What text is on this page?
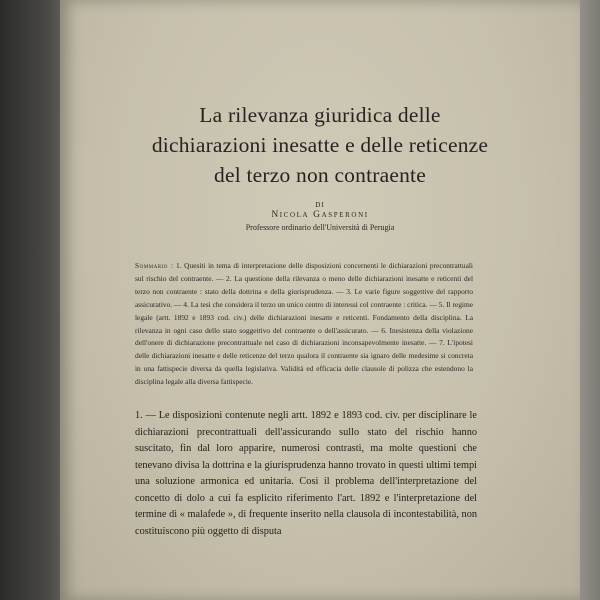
La rilevanza giuridica delle
dichiarazioni inesatte e delle reticenze
del terzo non contraente
DI
Nicola Gasperoni
Professore ordinario dell'Università di Perugia
Sommario : 1. Quesiti in tema di interpretazione delle disposizioni concernenti le dichiarazioni precontrattuali sul rischio del contraente. — 2. La questione della rilevanza o meno delle dichiarazioni inesatte e reticenti del terzo non contraente : stato della dottrina e della giurisprudenza. — 3. Le varie figure soggettive del rapporto assicurativo. — 4. La tesi che considera il terzo un unico centro di interessi col contraente : critica. — 5. Il regime legale (artt. 1892 e 1893 cod. civ.) delle dichiarazioni inesatte e reticenti. Fondamento della disciplina. La rilevanza in ogni caso dello stato soggettivo del contraente o dell'assicurato. — 6. Inesistenza della violazione dell'onere di dichiarazione precontrattuale nel caso di dichiarazioni inconsapevolmente inesatte. — 7. L'ipotesi delle dichiarazioni inesatte e delle reticenze del terzo qualora il contraente sia ignaro delle medesime si concreta in una fattispecie diversa da quella legislativa. Validità ed efficacia delle clausole di polizza che estendono la disciplina legale alla diversa fattispecie.
1. — Le disposizioni contenute negli artt. 1892 e 1893 cod. civ. per disciplinare le dichiarazioni precontrattuali dell'assicurando sullo stato del rischio hanno suscitato, fin dal loro apparire, numerosi contrasti, ma molte questioni che tenevano divisa la dottrina e la giurisprudenza hanno trovato in questi ultimi tempi una soluzione armonica ed unitaria. Così il problema dell'interpretazione del concetto di dolo a cui fa esplicito riferimento l'art. 1892 e l'interpretazione del termine di « malafede », di frequente inserito nella clausola di incontestabilità, non costituiscono più oggetto di disputa
